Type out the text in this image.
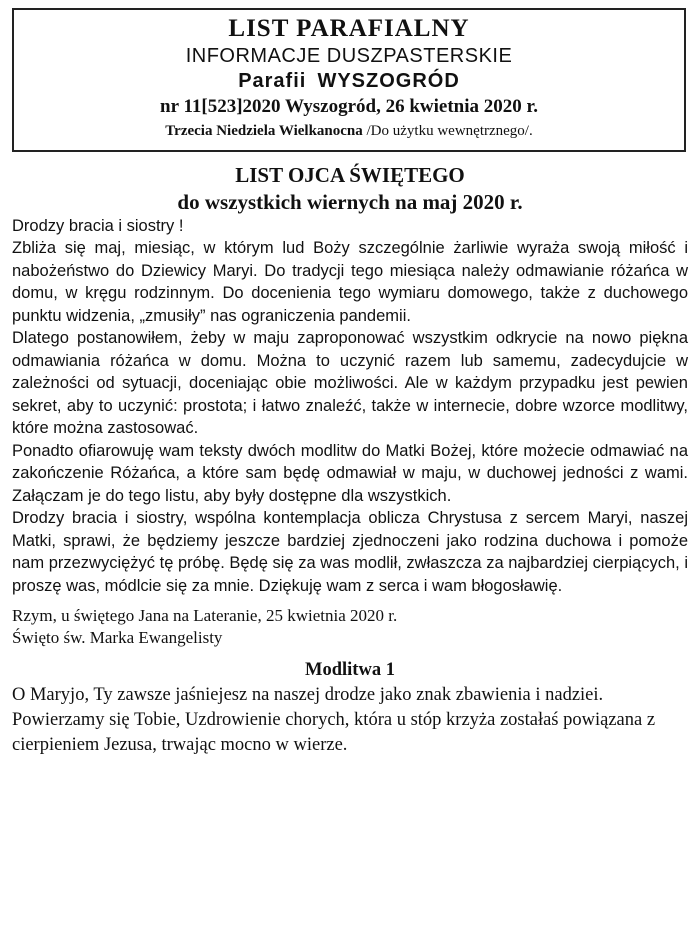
LIST PARAFIALNY
INFORMACJE DUSZPASTERSKIE
Parafii WYSZOGRÓD
nr 11[523]2020 Wyszogród, 26 kwietnia 2020 r.
Trzecia Niedziela Wielkanocna /Do użytku wewnętrznego/.
LIST OJCA ŚWIĘTEGO
do wszystkich wiernych na maj 2020 r.
Drodzy bracia i siostry !

Zbliża się maj, miesiąc, w którym lud Boży szczególnie żarliwie wyraża swoją miłość i nabożeństwo do Dziewicy Maryi. Do tradycji tego miesiąca należy odmawianie różańca w domu, w kręgu rodzinnym. Do docenienia tego wymiaru domowego, także z duchowego punktu widzenia, „zmusiły” nas ograniczenia pandemii.

Dlatego postanowiłem, żeby w maju zaproponować wszystkim odkrycie na nowo piękna odmawiania różańca w domu. Można to uczynić razem lub samemu, zadecydujcie w zależności od sytuacji, doceniając obie możliwości. Ale w każdym przypadku jest pewien sekret, aby to uczynić: prostota; i łatwo znaleźć, także w internecie, dobre wzorce modlitwy, które można zastosować.

Ponadto ofiarowuję wam teksty dwóch modlitw do Matki Bożej, które możecie odmawiać na zakończenie Różańca, a które sam będę odmawiał w maju, w duchowej jedności z wami. Załączam je do tego listu, aby były dostępne dla wszystkich.

Drodzy bracia i siostry, wspólna kontemplacja oblicza Chrystusa z sercem Maryi, naszej Matki, sprawi, że będziemy jeszcze bardziej zjednoczeni jako rodzina duchowa i pomoże nam przezwyciężyć tę próbę. Będę się za was modlił, zwłaszcza za najbardziej cierpiących, i proszę was, módlcie się za mnie. Dziękuję wam z serca i wam błogosławię.

Rzym, u świętego Jana na Lateranie, 25 kwietnia 2020 r.
Święto św. Marka Ewangelisty
Modlitwa 1

O Maryjo, Ty zawsze jaśniejesz na naszej drodze jako znak zbawienia i nadziei.

Powierzamy się Tobie, Uzdrowienie chorych, która u stóp krzyża zostałaś powiązana z cierpieniem Jezusa, trwając mocno w wierze.
